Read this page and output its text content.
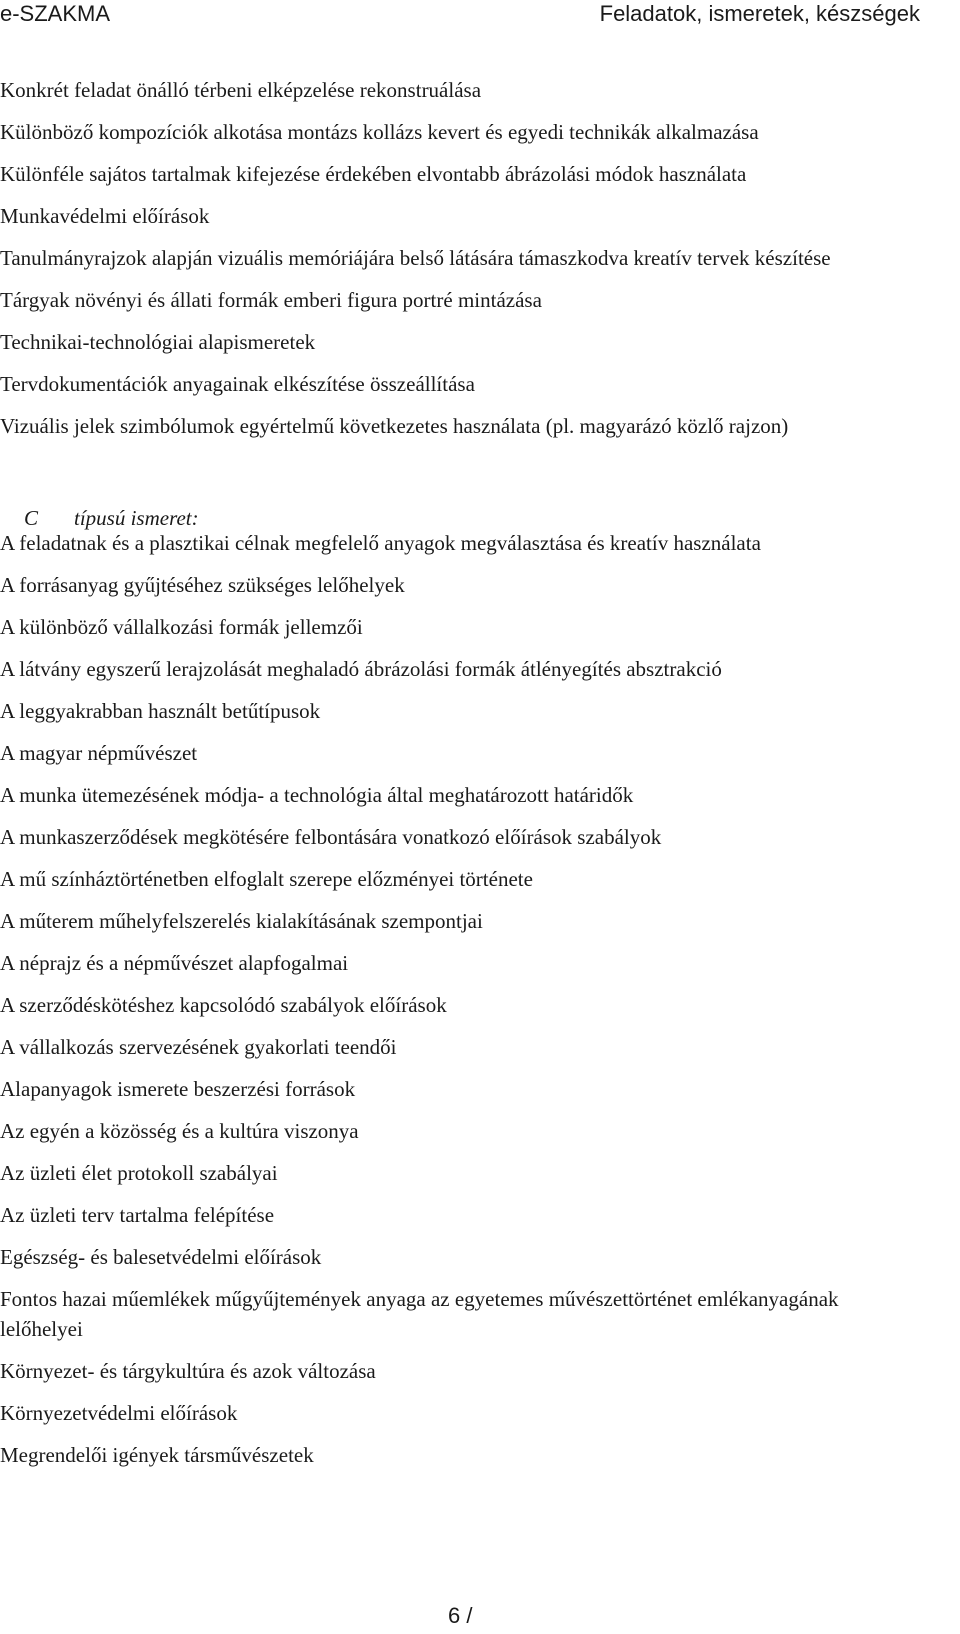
e-SZAKMA	Feladatok, ismeretek, készségek
Konkrét feladat önálló térbeni elképzelése rekonstruálása
Különböző kompozíciók alkotása montázs kollázs kevert és egyedi technikák alkalmazása
Különféle sajátos tartalmak kifejezése érdekében elvontabb ábrázolási módok használata
Munkavédelmi előírások
Tanulmányrajzok alapján vizuális memóriájára belső látására támaszkodva kreatív tervek készítése
Tárgyak növényi és állati formák emberi figura portré mintázása
Technikai-technológiai alapismeretek
Tervdokumentációk anyagainak elkészítése összeállítása
Vizuális jelek szimbólumok egyértelmű következetes használata (pl. magyarázó közlő rajzon)
C típusú ismeret:
A feladatnak és a plasztikai célnak megfelelő anyagok megválasztása és kreatív használata
A forrásanyag gyűjtéséhez szükséges lelőhelyek
A különböző vállalkozási formák jellemzői
A látvány egyszerű lerajzolását meghaladó ábrázolási formák átlényegítés absztrakció
A leggyakrabban használt betűtípusok
A magyar népművészet
A munka ütemezésének módja- a technológia által meghatározott határidők
A munkaszerződések megkötésére felbontására vonatkozó előírások szabályok
A mű színháztörténetben elfoglalt szerepe előzményei története
A műterem műhelyfelszerelés kialakításának szempontjai
A néprajz és a népművészet alapfogalmai
A szerződéskötéshez kapcsolódó szabályok előírások
A vállalkozás szervezésének gyakorlati teendői
Alapanyagok ismerete beszerzési források
Az egyén a közösség és a kultúra viszonya
Az üzleti élet protokoll szabályai
Az üzleti terv tartalma felépítése
Egészség- és balesetvédelmi előírások
Fontos hazai műemlékek műgyűjtemények anyaga az egyetemes művészettörténet emlékanyagának lelőhelyei
Környezet- és tárgykultúra és azok változása
Környezetvédelmi előírások
Megrendelői igények társművészetek
6 /
